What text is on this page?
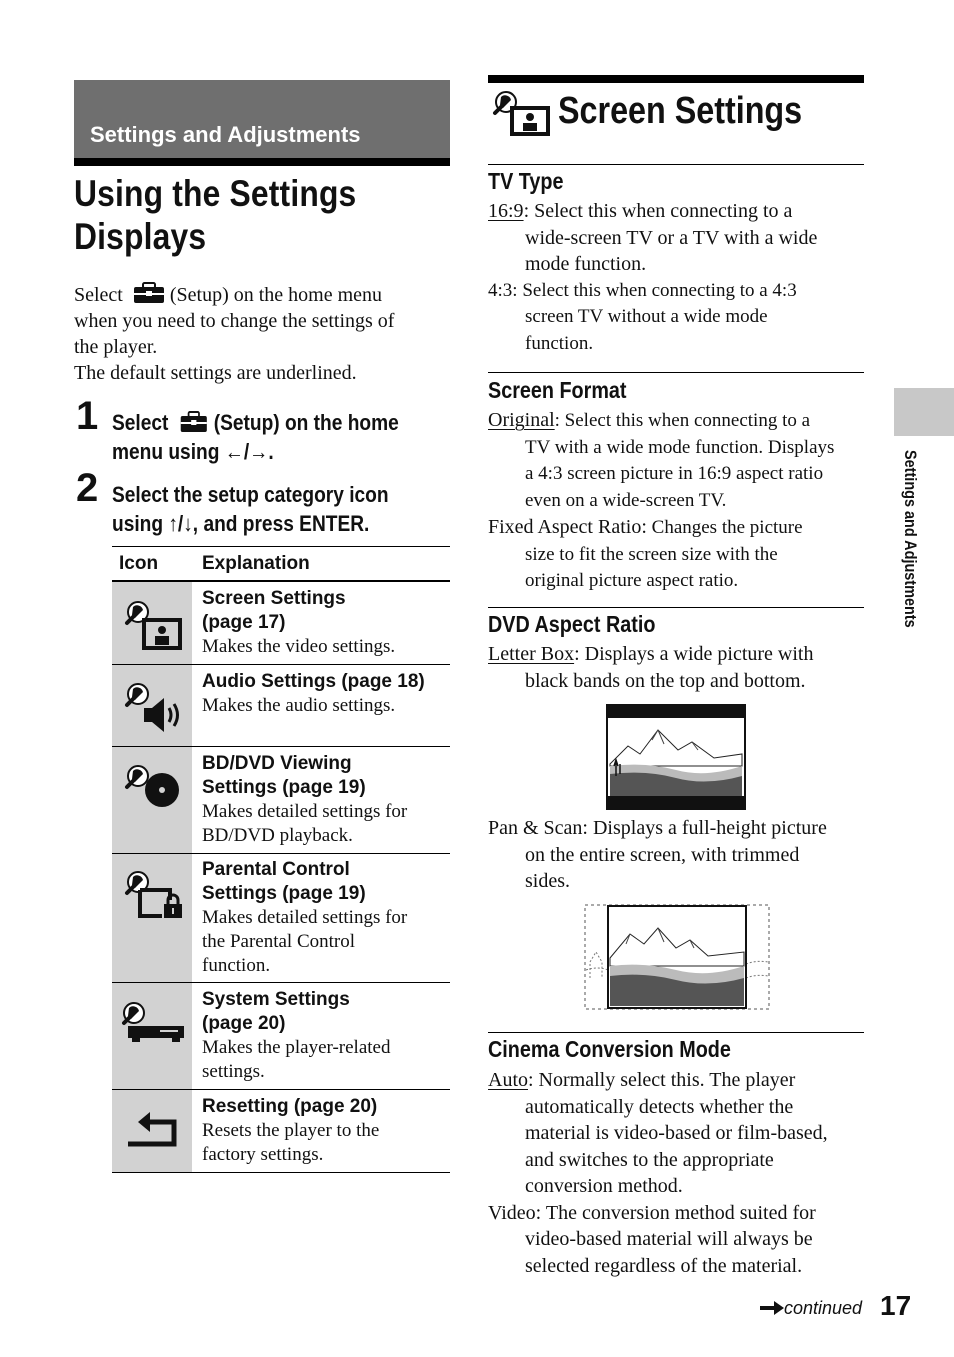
Settings and Adjustments
Using the Settings
Displays
Select (Setup) on the home menu
when you need to change the settings of
the player.
The default settings are underlined.
1 Select (Setup) on the home
menu using ←/→.
2 Select the setup category icon
using ↑/↓, and press ENTER.
Icon Explanation
Screen Settings
(page 17)
Makes the video settings.
Audio Settings (page 18)
Makes the audio settings.
BD/DVD Viewing
Settings (page 19)
Makes detailed settings for
BD/DVD playback.
Parental Control
Settings (page 19)
Makes detailed settings for
the Parental Control
function.
System Settings
(page 20)
Makes the player-related
settings.
Resetting (page 20)
Resets the player to the
factory settings.
Screen Settings
TV Type
16:9: Select this when connecting to a
wide-screen TV or a TV with a wide
mode function.
4:3: Select this when connecting to a 4:3
screen TV without a wide mode
function.
Screen Format
Original: Select this when connecting to a
TV with a wide mode function. Displays
a 4:3 screen picture in 16:9 aspect ratio
even on a wide-screen TV.
Fixed Aspect Ratio: Changes the picture
size to fit the screen size with the
original picture aspect ratio.
DVD Aspect Ratio
Letter Box: Displays a wide picture with
black bands on the top and bottom.
Pan & Scan: Displays a full-height picture
on the entire screen, with trimmed
sides.
Cinema Conversion Mode
Auto: Normally select this. The player
automatically detects whether the
material is video-based or film-based,
and switches to the appropriate
conversion method.
Video: The conversion method suited for
video-based material will always be
selected regardless of the material.
Settings and Adjustments
continued 17
